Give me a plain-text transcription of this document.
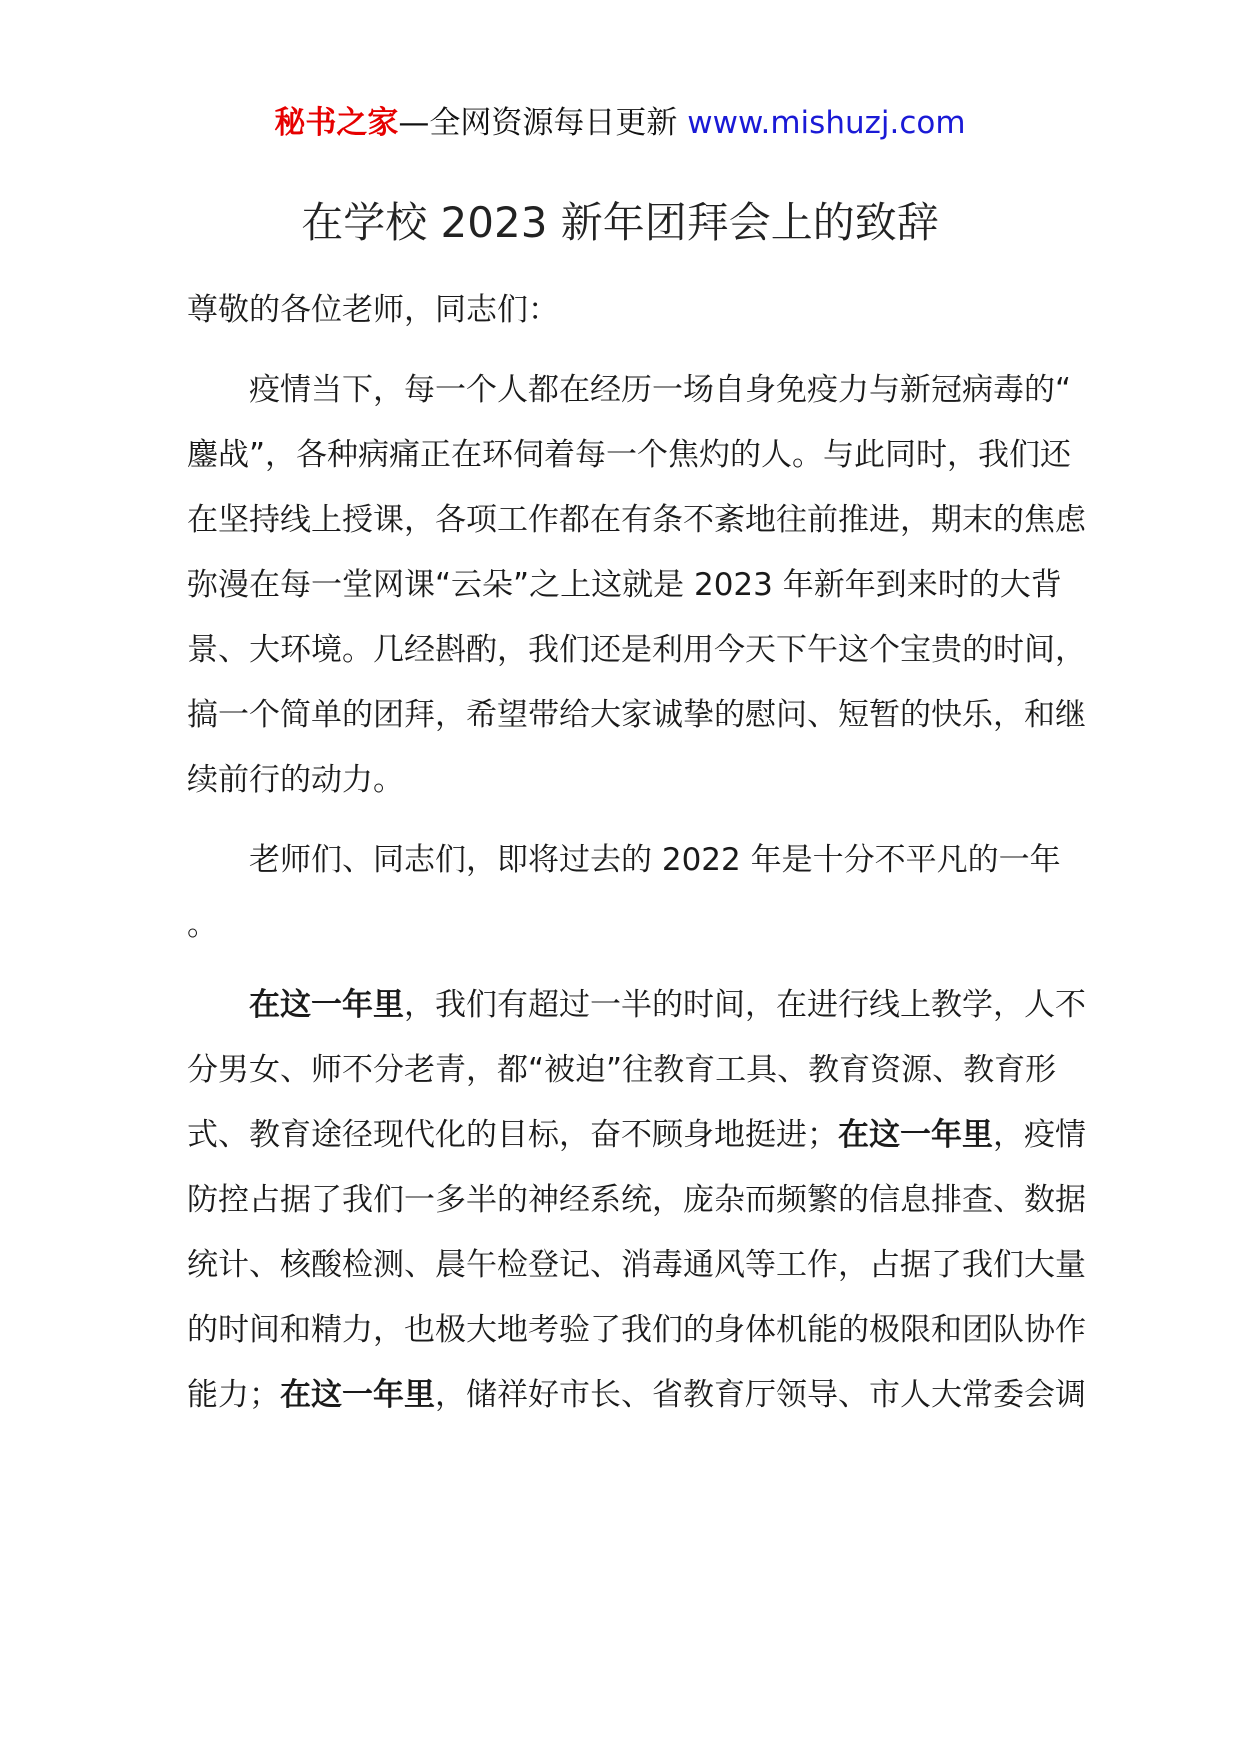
秘书之家—全网资源每日更新 www.mishuzj.com
在学校 2023 新年团拜会上的致辞

尊敬的各位老师，同志们：

疫情当下，每一个人都在经历一场自身免疫力与新冠病毒的“鏖战”，各种病痛正在环伺着每一个焦灼的人。与此同时，我们还在坚持线上授课，各项工作都在有条不紊地往前推进，期末的焦虑弥漫在每一堂网课“云朵”之上这就是 2023 年新年到来时的大背景、大环境。几经斟酌，我们还是利用今天下午这个宝贵的时间，搞一个简单的团拜，希望带给大家诚挚的慰问、短暂的快乐，和继续前行的动力。

老师们、同志们，即将过去的 2022 年是十分不平凡的一年。

在这一年里，我们有超过一半的时间，在进行线上教学，人不分男女、师不分老青，都“被迫”往教育工具、教育资源、教育形式、教育途径现代化的目标，奋不顾身地挺进；在这一年里，疫情防控占据了我们一多半的神经系统，庞杂而频繁的信息排查、数据统计、核酸检测、晨午检登记、消毒通风等工作，占据了我们大量的时间和精力，也极大地考验了我们的身体机能的极限和团队协作能力；在这一年里，储祥好市长、省教育厅领导、市人大常委会调
